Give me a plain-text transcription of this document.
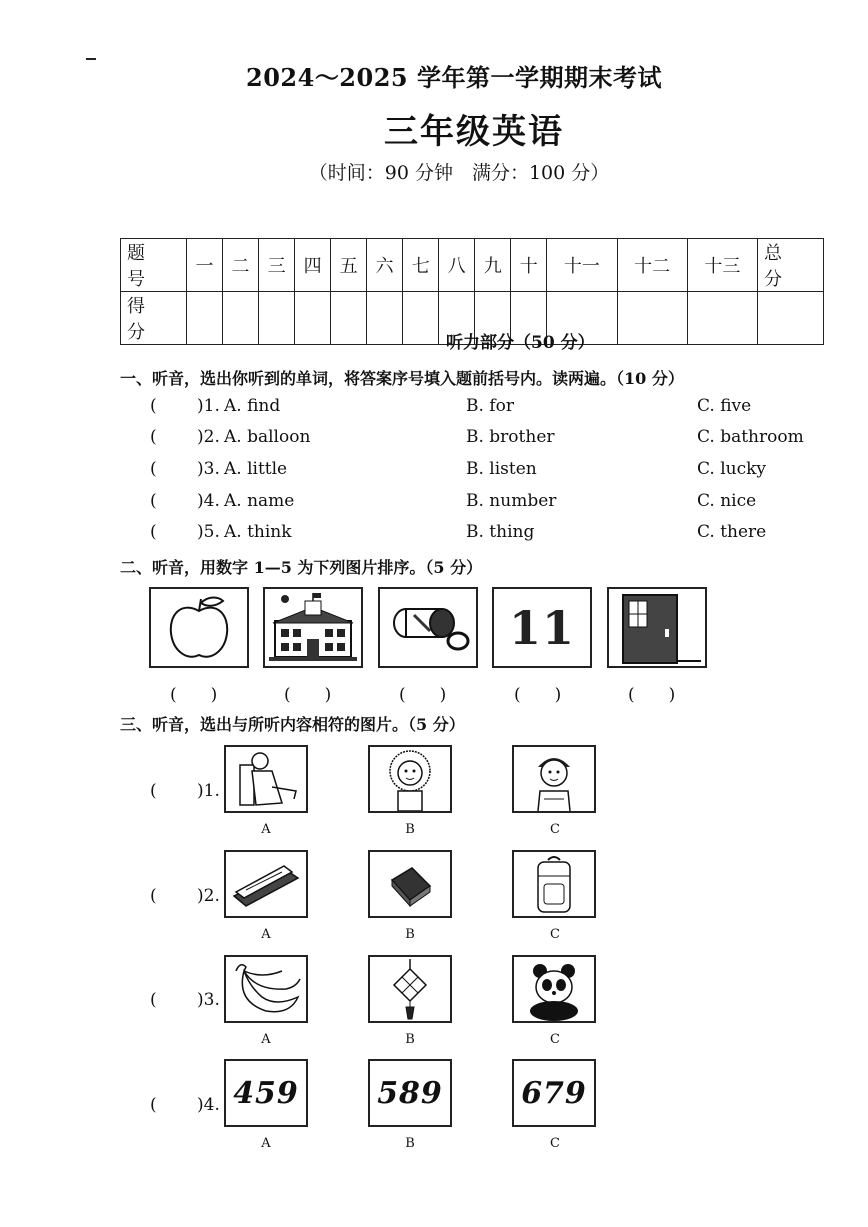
2024～2025 学年第一学期期末考试
三年级英语
（时间：90 分钟　满分：100 分）
题　号	一	二	三	四	五	六	七	八	九	十	十一	十二	十三	总　分
得　分															听力部分（50 分）
一、听音，选出你听到的单词，将答案序号填入题前括号内。读两遍。（10 分）
( )1. A. find	B. for	C. five
( )2. A. balloon	B. brother	C. bathroom
( )3. A. little	B. listen	C. lucky
( )4. A. name	B. number	C. nice
( )5. A. think	B. thing	C. there
二、听音，用数字 1—5 为下列图片排序。（5 分）
11
(　　)	(　　)	(　　)	(　　)	(　　)
三、听音，选出与所听内容相符的图片。（5 分）
( )1.
A	B	C
( )2.
A	B	C
( )3.
A	B	C
( )4. 459	589	679
A	B	C
